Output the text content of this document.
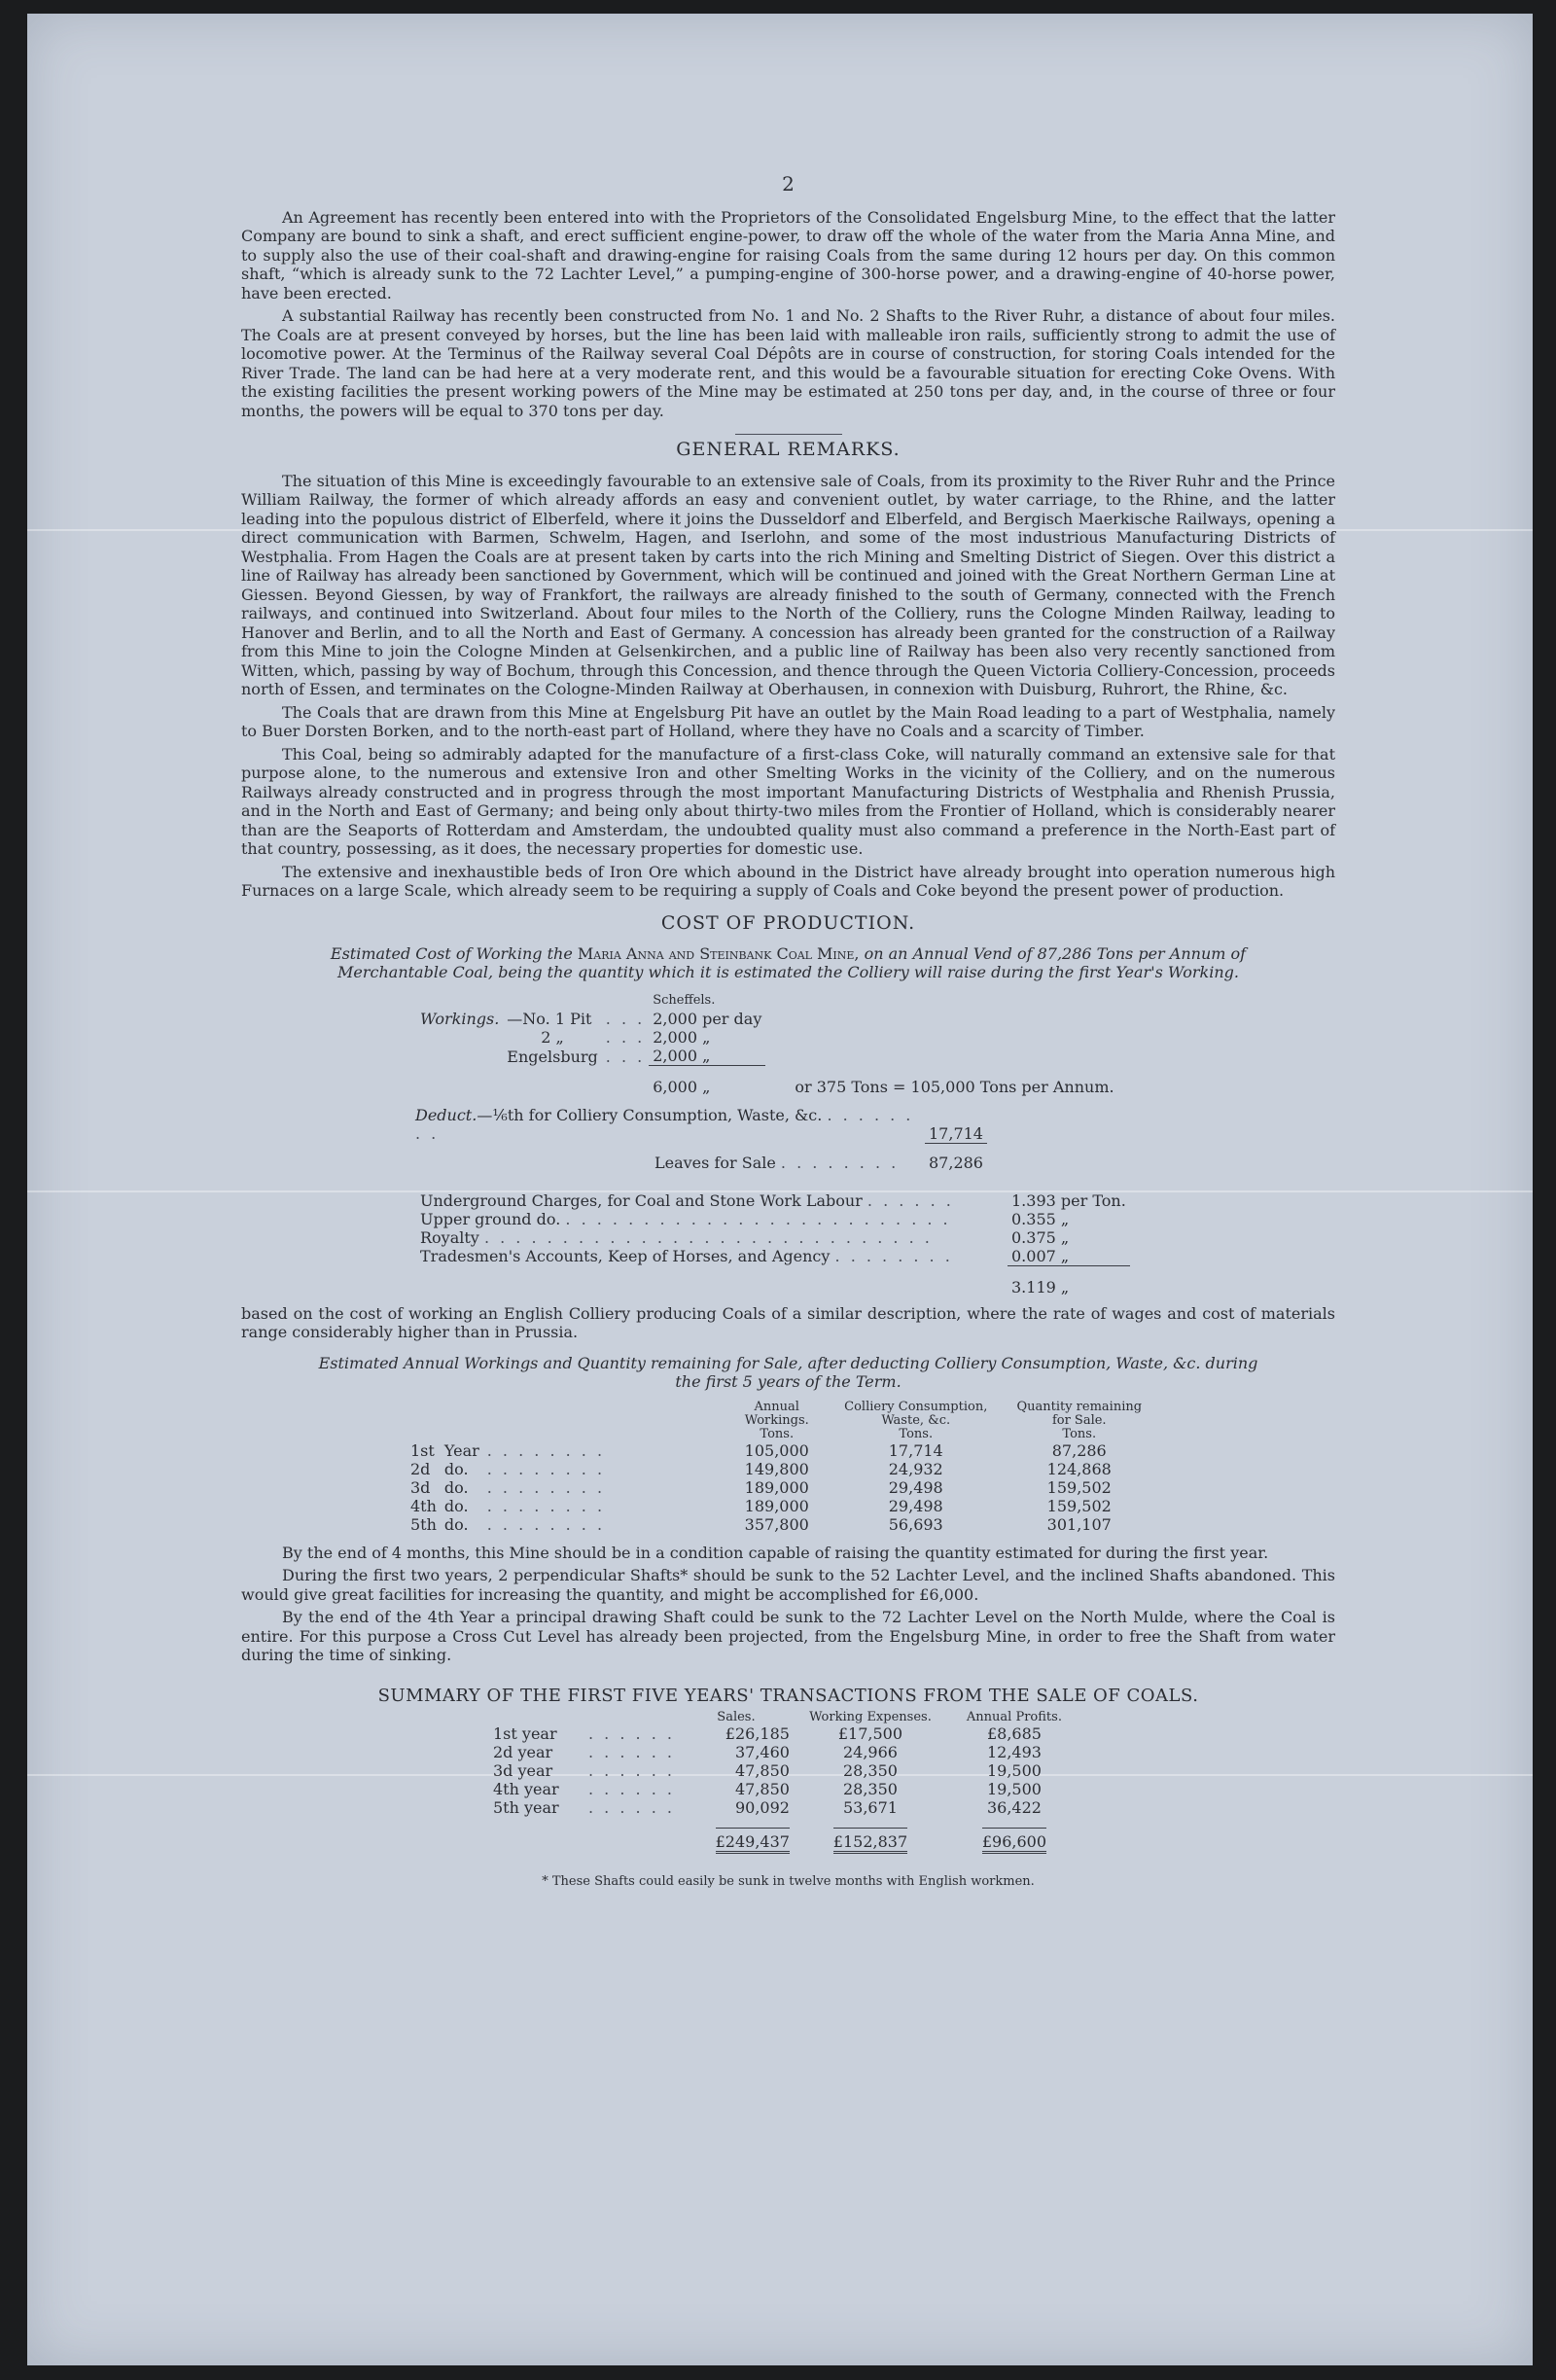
2

An Agreement has recently been entered into with the Proprietors of the Consolidated Engelsburg Mine, to the effect that the latter Company are bound to sink a shaft, and erect sufficient engine-power, to draw off the whole of the water from the Maria Anna Mine, and to supply also the use of their coal-shaft and drawing-engine for raising Coals from the same during 12 hours per day. On this common shaft, “which is already sunk to the 72 Lachter Level,” a pumping-engine of 300-horse power, and a drawing-engine of 40-horse power, have been erected.

A substantial Railway has recently been constructed from No. 1 and No. 2 Shafts to the River Ruhr, a distance of about four miles. The Coals are at present conveyed by horses, but the line has been laid with malleable iron rails, sufficiently strong to admit the use of locomotive power. At the Terminus of the Railway several Coal Dépôts are in course of construction, for storing Coals intended for the River Trade. The land can be had here at a very moderate rent, and this would be a favourable situation for erecting Coke Ovens. With the existing facilities the present working powers of the Mine may be estimated at 250 tons per day, and, in the course of three or four months, the powers will be equal to 370 tons per day.

GENERAL REMARKS.

The situation of this Mine is exceedingly favourable to an extensive sale of Coals, from its proximity to the River Ruhr and the Prince William Railway, the former of which already affords an easy and convenient outlet, by water carriage, to the Rhine, and the latter leading into the populous district of Elberfeld, where it joins the Dusseldorf and Elberfeld, and Bergisch Maerkische Railways, opening a direct communication with Barmen, Schwelm, Hagen, and Iserlohn, and some of the most industrious Manufacturing Districts of Westphalia. From Hagen the Coals are at present taken by carts into the rich Mining and Smelting District of Siegen. Over this district a line of Railway has already been sanctioned by Government, which will be continued and joined with the Great Northern German Line at Giessen. Beyond Giessen, by way of Frankfort, the railways are already finished to the south of Germany, connected with the French railways, and continued into Switzerland. About four miles to the North of the Colliery, runs the Cologne Minden Railway, leading to Hanover and Berlin, and to all the North and East of Germany. A concession has already been granted for the construction of a Railway from this Mine to join the Cologne Minden at Gelsenkirchen, and a public line of Railway has been also very recently sanctioned from Witten, which, passing by way of Bochum, through this Concession, and thence through the Queen Victoria Colliery-Concession, proceeds north of Essen, and terminates on the Cologne-Minden Railway at Oberhausen, in connexion with Duisburg, Ruhrort, the Rhine, &c.

The Coals that are drawn from this Mine at Engelsburg Pit have an outlet by the Main Road leading to a part of Westphalia, namely to Buer Dorsten Borken, and to the north-east part of Holland, where they have no Coals and a scarcity of Timber.

This Coal, being so admirably adapted for the manufacture of a first-class Coke, will naturally command an extensive sale for that purpose alone, to the numerous and extensive Iron and other Smelting Works in the vicinity of the Colliery, and on the numerous Railways already constructed and in progress through the most important Manufacturing Districts of Westphalia and Rhenish Prussia, and in the North and East of Germany; and being only about thirty-two miles from the Frontier of Holland, which is considerably nearer than are the Seaports of Rotterdam and Amsterdam, the undoubted quality must also command a preference in the North-East part of that country, possessing, as it does, the necessary properties for domestic use.

The extensive and inexhaustible beds of Iron Ore which abound in the District have already brought into operation numerous high Furnaces on a large Scale, which already seem to be requiring a supply of Coals and Coke beyond the present power of production.

COST OF PRODUCTION.
Estimated Cost of Working the Maria Anna and Steinbank Coal Mine, on an Annual Vend of 87,286 Tons per Annum of Merchantable Coal, being the quantity which it is estimated the Colliery will raise during the first Year's Working.
			Scheffels.	
Workings.	—No. 1 Pit	. . .	2,000 per day	
	2 „	. . .	2,000 „	
	Engelsburg	. . .	2,000 „	
			6,000 „	or 375 Tons = 105,000 Tons per Annum.
Deduct.—¹⁄₆th for Colliery Consumption, Waste, &c. . . . . . . . .	17,714
Leaves for Sale . . . . . . . .	87,286
Underground Charges, for Coal and Stone Work Labour . . . . . .	1.393 per Ton.
Upper ground do. . . . . . . . . . . . . . . . . . . . . . . . . .	0.355 „
Royalty . . . . . . . . . . . . . . . . . . . . . . . . . . . . .	0.375 „
Tradesmen's Accounts, Keep of Horses, and Agency . . . . . . . .	0.007 „
	3.119 „

based on the cost of working an English Colliery producing Coals of a similar description, where the rate of wages and cost of materials range considerably higher than in Prussia.

Estimated Annual Workings and Quantity remaining for Sale, after deducting Colliery Consumption, Waste, &c. during the first 5 years of the Term.
			Annual Workings.	Colliery Consumption, Waste, &c.	Quantity remaining for Sale.
			Tons.	Tons.	Tons.
1st	Year	. . . . . . . .	105,000	17,714	87,286
2d	do.	. . . . . . . .	149,800	24,932	124,868
3d	do.	. . . . . . . .	189,000	29,498	159,502
4th	do.	. . . . . . . .	189,000	29,498	159,502
5th	do.	. . . . . . . .	357,800	56,693	301,107

By the end of 4 months, this Mine should be in a condition capable of raising the quantity estimated for during the first year.

During the first two years, 2 perpendicular Shafts* should be sunk to the 52 Lachter Level, and the inclined Shafts abandoned. This would give great facilities for increasing the quantity, and might be accomplished for £6,000.

By the end of the 4th Year a principal drawing Shaft could be sunk to the 72 Lachter Level on the North Mulde, where the Coal is entire. For this purpose a Cross Cut Level has already been projected, from the Engelsburg Mine, in order to free the Shaft from water during the time of sinking.

SUMMARY OF THE FIRST FIVE YEARS' TRANSACTIONS FROM THE SALE OF COALS.
		Sales.	Working Expenses.	Annual Profits.
1st year	. . . . . .	£26,185	£17,500	£8,685
2d year	. . . . . .	37,460	24,966	12,493
3d year	. . . . . .	47,850	28,350	19,500
4th year	. . . . . .	47,850	28,350	19,500
5th year	. . . . . .	90,092	53,671	36,422
		£249,437	£152,837	£96,600
* These Shafts could easily be sunk in twelve months with English workmen.
